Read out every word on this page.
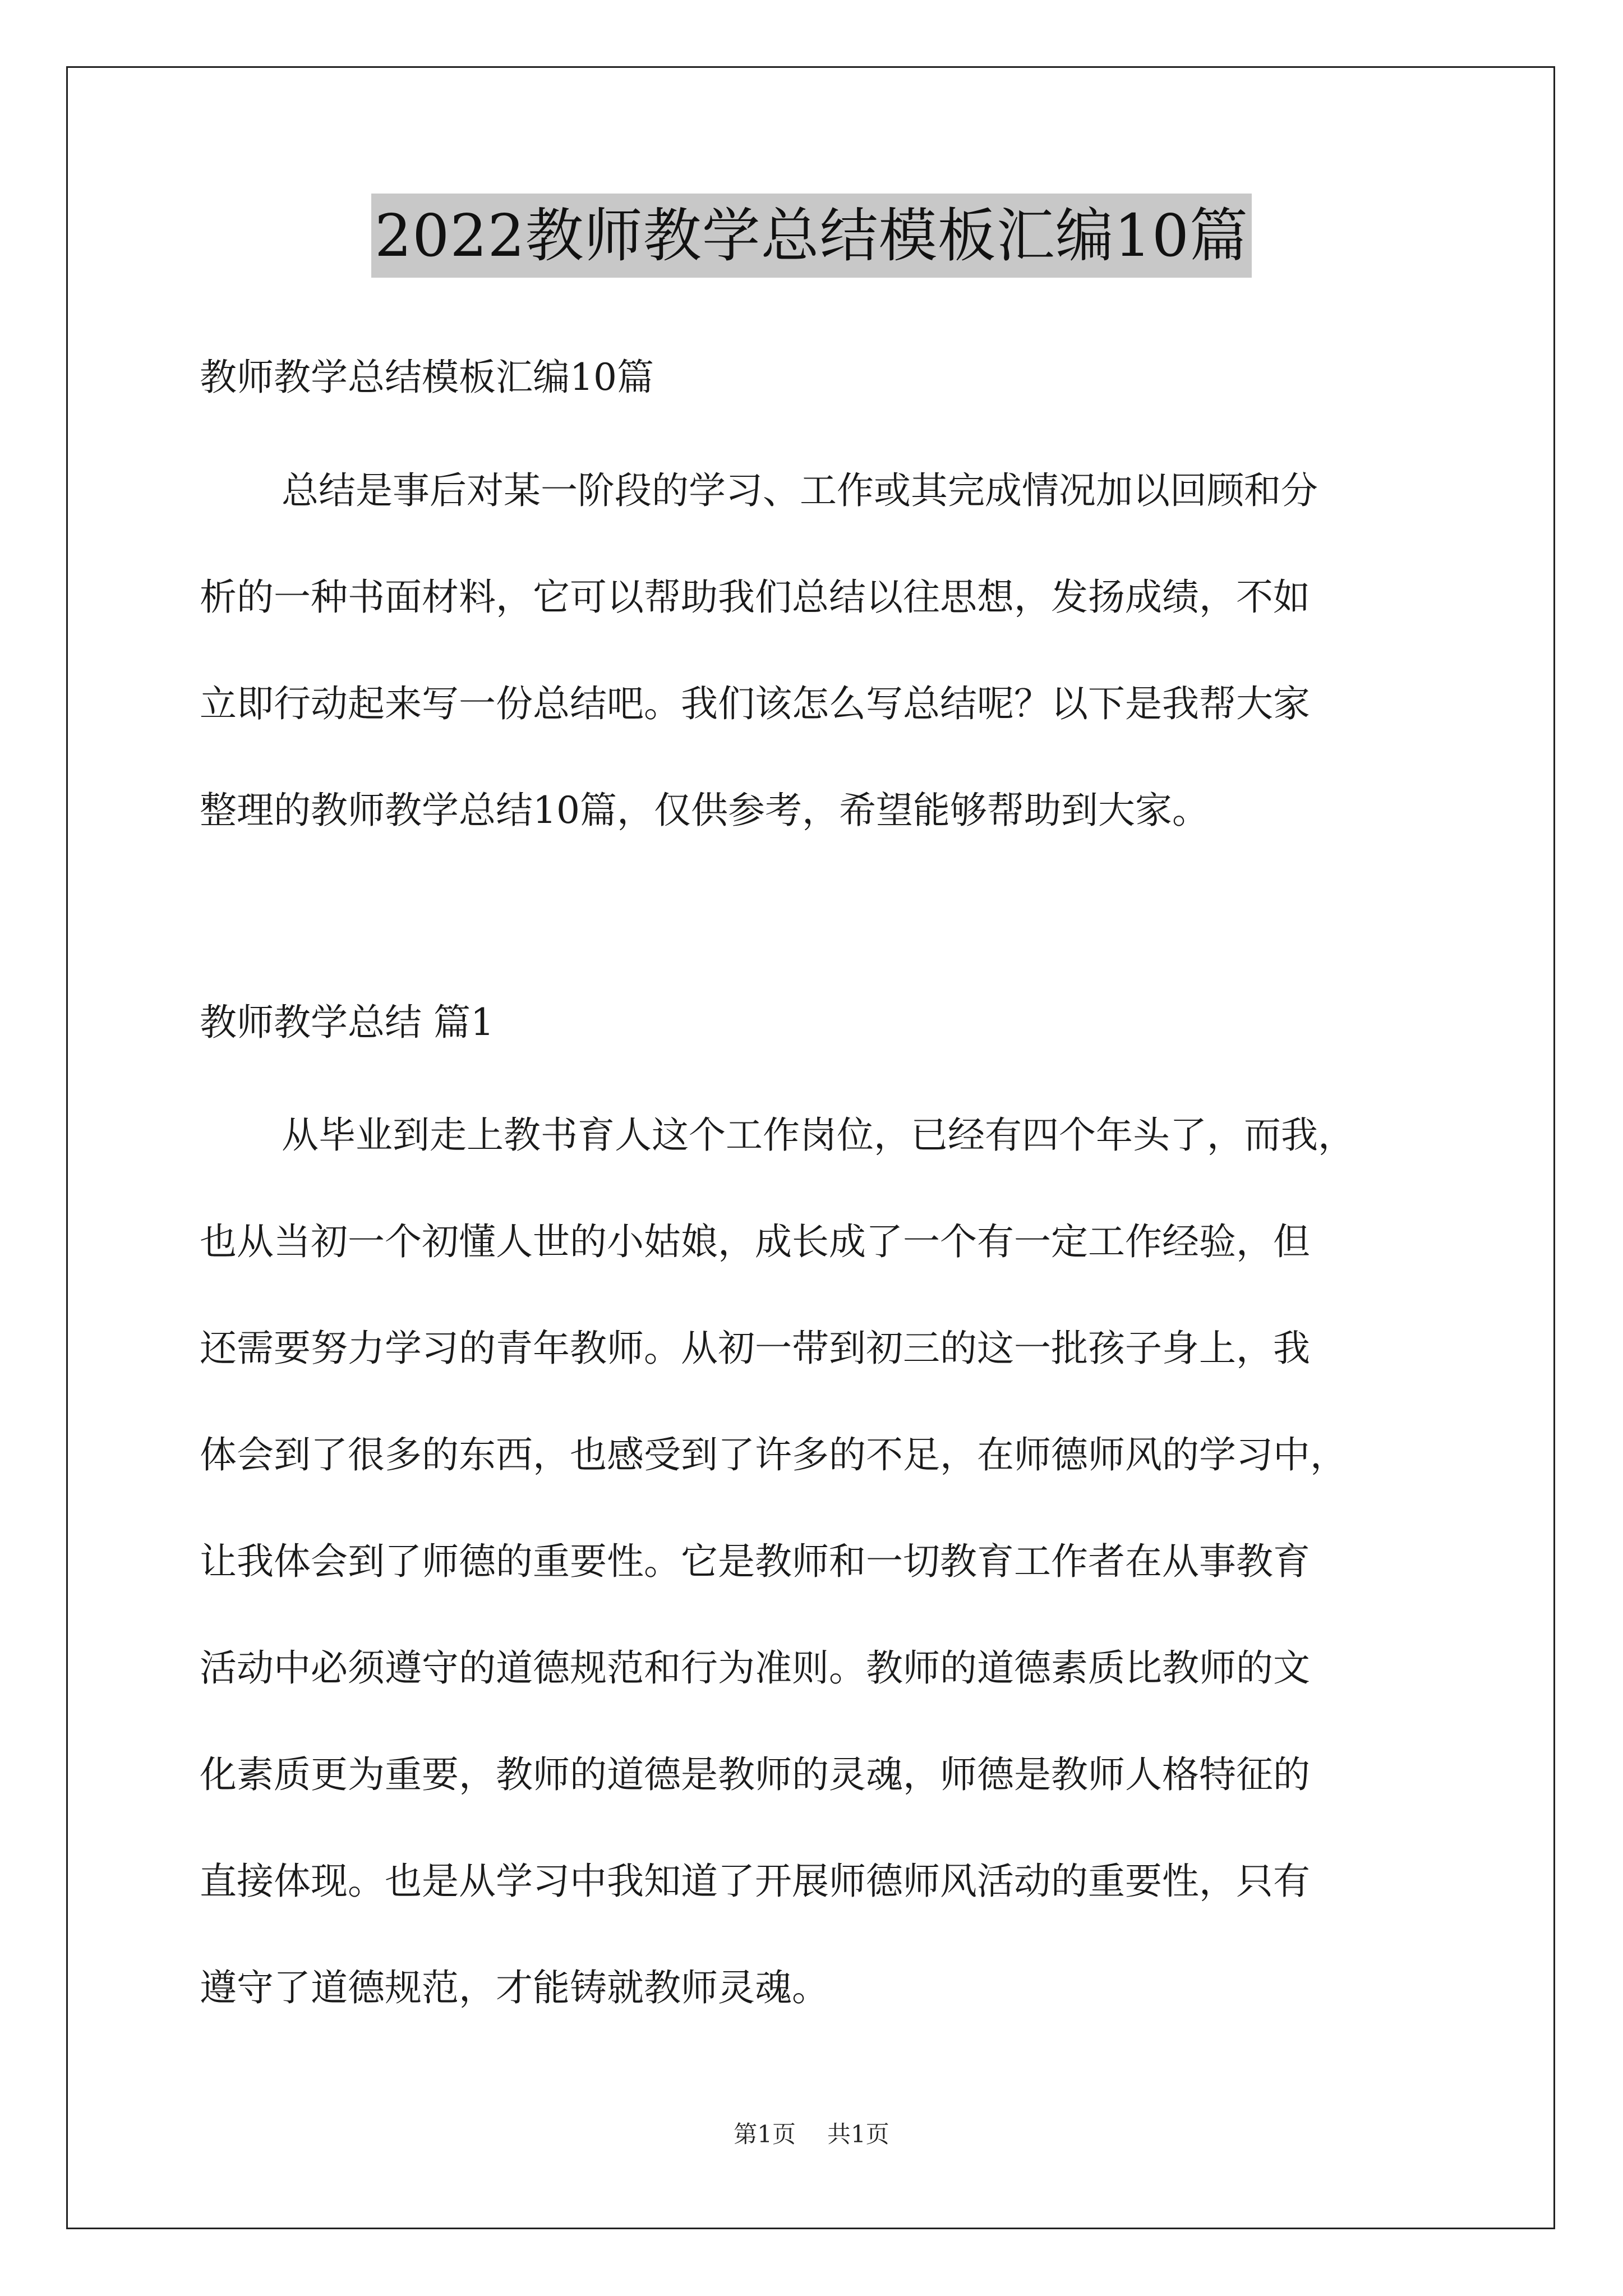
2022教师教学总结模板汇编10篇
教师教学总结模板汇编10篇
总结是事后对某一阶段的学习、工作或其完成情况加以回顾和分
析的一种书面材料，它可以帮助我们总结以往思想，发扬成绩，不如
立即行动起来写一份总结吧。我们该怎么写总结呢？以下是我帮大家
整理的教师教学总结10篇，仅供参考，希望能够帮助到大家。
教师教学总结 篇1
从毕业到走上教书育人这个工作岗位，已经有四个年头了，而我，
也从当初一个初懂人世的小姑娘，成长成了一个有一定工作经验，但
还需要努力学习的青年教师。从初一带到初三的这一批孩子身上，我
体会到了很多的东西，也感受到了许多的不足，在师德师风的学习中，
让我体会到了师德的重要性。它是教师和一切教育工作者在从事教育
活动中必须遵守的道德规范和行为准则。教师的道德素质比教师的文
化素质更为重要，教师的道德是教师的灵魂，师德是教师人格特征的
直接体现。也是从学习中我知道了开展师德师风活动的重要性，只有
遵守了道德规范，才能铸就教师灵魂。
第1页 共1页
